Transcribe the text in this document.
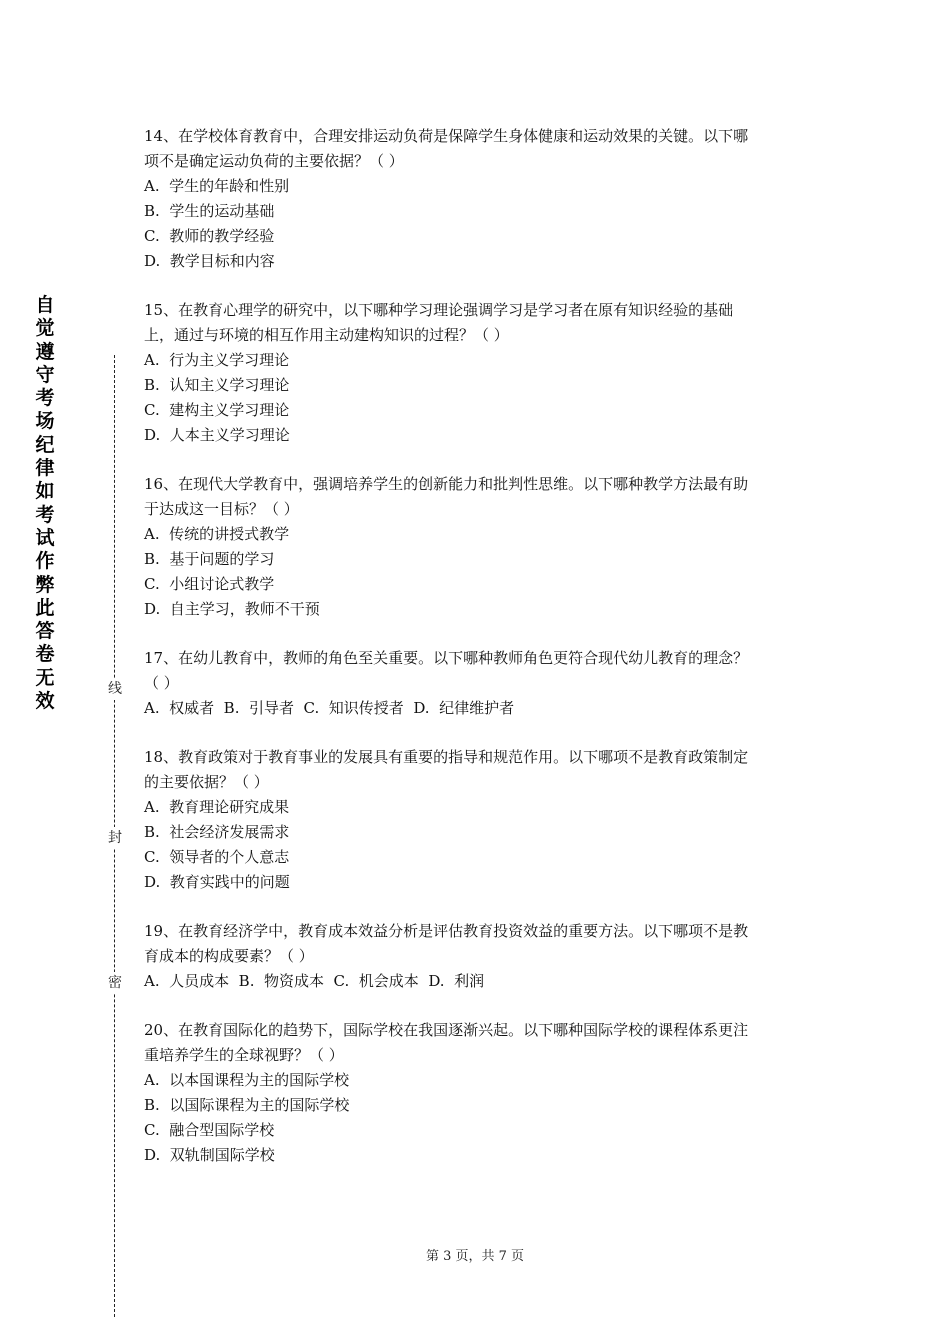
自觉遵守考场纪律如考试作弊此答卷无效
线
封
密

14、在学校体育教育中，合理安排运动负荷是保障学生身体健康和运动效果的关键。以下哪

项不是确定运动负荷的主要依据？（ ）

A.  学生的年龄和性别

B.  学生的运动基础

C.  教师的教学经验

D.  教学目标和内容

15、在教育心理学的研究中，以下哪种学习理论强调学习是学习者在原有知识经验的基础

上，通过与环境的相互作用主动建构知识的过程？（ ）

A.  行为主义学习理论

B.  认知主义学习理论

C.  建构主义学习理论

D.  人本主义学习理论

16、在现代大学教育中，强调培养学生的创新能力和批判性思维。以下哪种教学方法最有助

于达成这一目标？（ ）

A.  传统的讲授式教学

B.  基于问题的学习

C.  小组讨论式教学

D.  自主学习，教师不干预

17、在幼儿教育中，教师的角色至关重要。以下哪种教师角色更符合现代幼儿教育的理念？

（ ）

A.  权威者  B.  引导者  C.  知识传授者  D.  纪律维护者

18、教育政策对于教育事业的发展具有重要的指导和规范作用。以下哪项不是教育政策制定

的主要依据？（ ）

A.  教育理论研究成果

B.  社会经济发展需求

C.  领导者的个人意志

D.  教育实践中的问题

19、在教育经济学中，教育成本效益分析是评估教育投资效益的重要方法。以下哪项不是教

育成本的构成要素？（ ）

A.  人员成本  B.  物资成本  C.  机会成本  D.  利润

20、在教育国际化的趋势下，国际学校在我国逐渐兴起。以下哪种国际学校的课程体系更注

重培养学生的全球视野？（ ）

A.  以本国课程为主的国际学校

B.  以国际课程为主的国际学校

C.  融合型国际学校

D.  双轨制国际学校

第 3 页，共 7 页
